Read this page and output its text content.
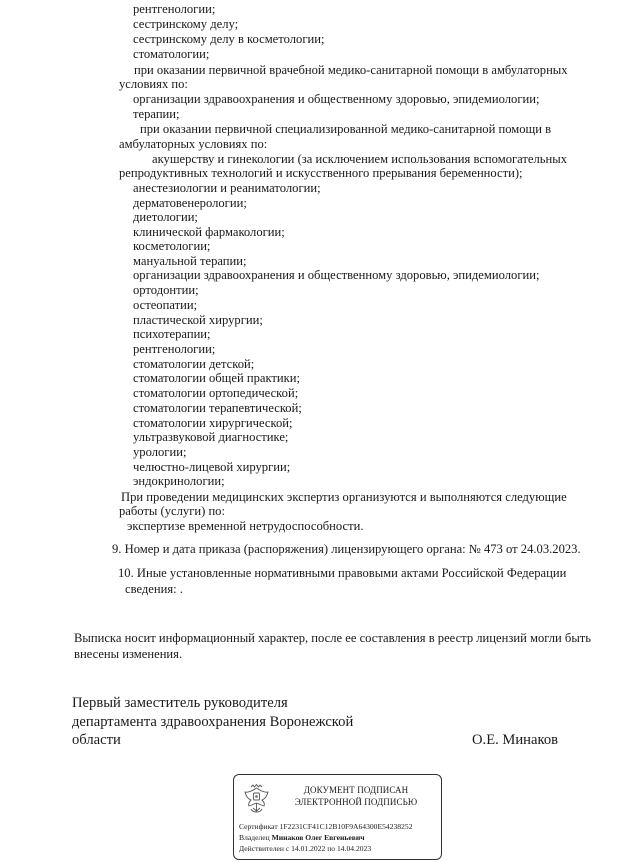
рентгенологии;
сестринскому делу;
сестринскому делу в косметологии;
стоматологии;
при оказании первичной врачебной медико-санитарной помощи в амбулаторных
условиях по:
организации здравоохранения и общественному здоровью, эпидемиологии;
терапии;
при оказании первичной специализированной медико-санитарной помощи в
амбулаторных условиях по:
акушерству и гинекологии (за исключением использования вспомогательных
репродуктивных технологий и искусственного прерывания беременности);
анестезиологии и реаниматологии;
дерматовенерологии;
диетологии;
клинической фармакологии;
косметологии;
мануальной терапии;
организации здравоохранения и общественному здоровью, эпидемиологии;
ортодонтии;
остеопатии;
пластической хирургии;
психотерапии;
рентгенологии;
стоматологии детской;
стоматологии общей практики;
стоматологии ортопедической;
стоматологии терапевтической;
стоматологии хирургической;
ультразвуковой диагностике;
урологии;
челюстно-лицевой хирургии;
эндокринологии;
При проведении медицинских экспертиз организуются и выполняются следующие
работы (услуги) по:
экспертизе временной нетрудоспособности.
9. Номер и дата приказа (распоряжения) лицензирующего органа: № 473 от 24.03.2023.
10. Иные установленные нормативными правовыми актами Российской Федерации
сведения: .
Выписка носит информационный характер, после ее составления в реестр лицензий могли быть
внесены изменения.
Первый заместитель руководителя
департамента здравоохранения Воронежской
области	О.Е. Минаков
ДОКУМЕНТ ПОДПИСАН
ЭЛЕКТРОННОЙ ПОДПИСЬЮ
Сертификат 1F2231CF41C12B10F9A64300E54238252
Владелец Минаков Олег Евгеньевич
Действителен с 14.01.2022 по 14.04.2023
